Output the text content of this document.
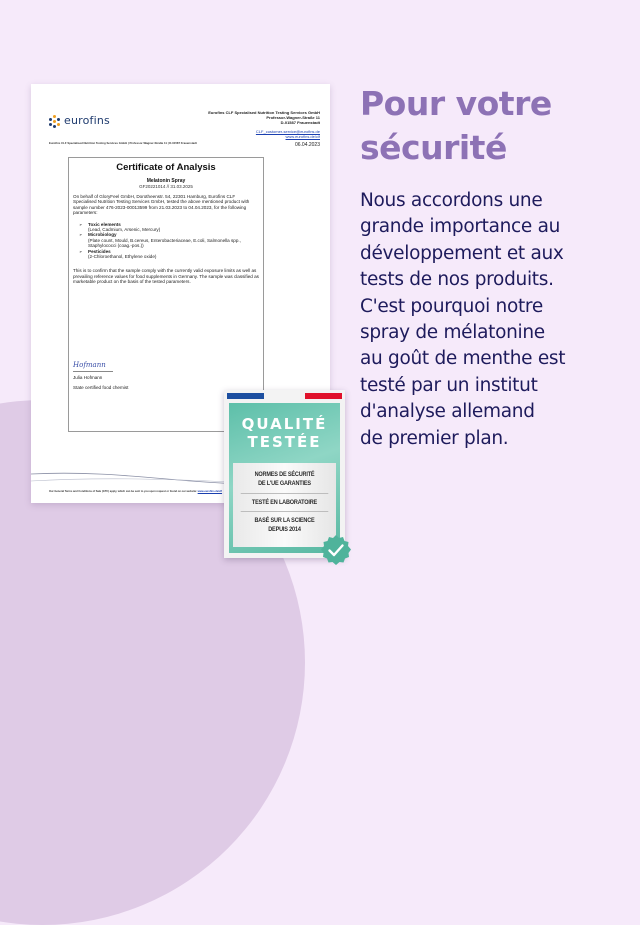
eurofins
Eurofins CLF Specialised Nutrition Testing Services GmbH
Professor-Wagner-Straße 11
D-01587 Frauenstadt
CLF_customer-service@eurofins.de
www.eurofins.de/clf
06.04.2023
Eurofins CLF Specialised Nutrition Testing Services GmbH | Professor-Wagner-Straße 11 | D-01587 Frauenstadt
Certificate of Analysis
Melatonin Spray
GF20221014 // 31.03.2025

On behalf of GloryFeel GmbH, Dorotheenstr. 54, 22301 Hamburg, Eurofins CLF Specialised Nutrition Testing Services GmbH, tested the above mentioned product with sample number 476-2023-00013599 from 21.03.2023 to 04.04.2023, for the following parameters:

➢ Toxic elements
(Lead, Cadmium, Arsenic, Mercury)
➢ Microbiology
(Plate count, Mould, B.cereus, Enterobacteriaceae, E.coli, Salmonella spp., Staphylococci (coag.-pos.))
➢ Pesticides
(2-Chloroethanol, Ethylene oxide)

This is to confirm that the sample comply with the currently valid exposure limits as well as prevailing reference values for food supplements in Germany. The sample was classified as marketable product on the basis of the tested parameters.

Hofmann
Julia Hofmann
State certified food chemist
Our General Terms and Conditions of Sale (GTC) apply, which can be sent to you upon request or found on our website: www.eurofins.de/clf
QUALITÉ
TESTÉE
NORMES DE SÉCURITÉ
DE L'UE GARANTIES
TESTÉ EN LABORATOIRE
BASÉ SUR LA SCIENCE
DEPUIS 2014
Pour votre
sécurité
Nous accordons une
grande importance au
développement et aux
tests de nos produits.
C'est pourquoi notre
spray de mélatonine
au goût de menthe est
testé par un institut
d'analyse allemand
de premier plan.
